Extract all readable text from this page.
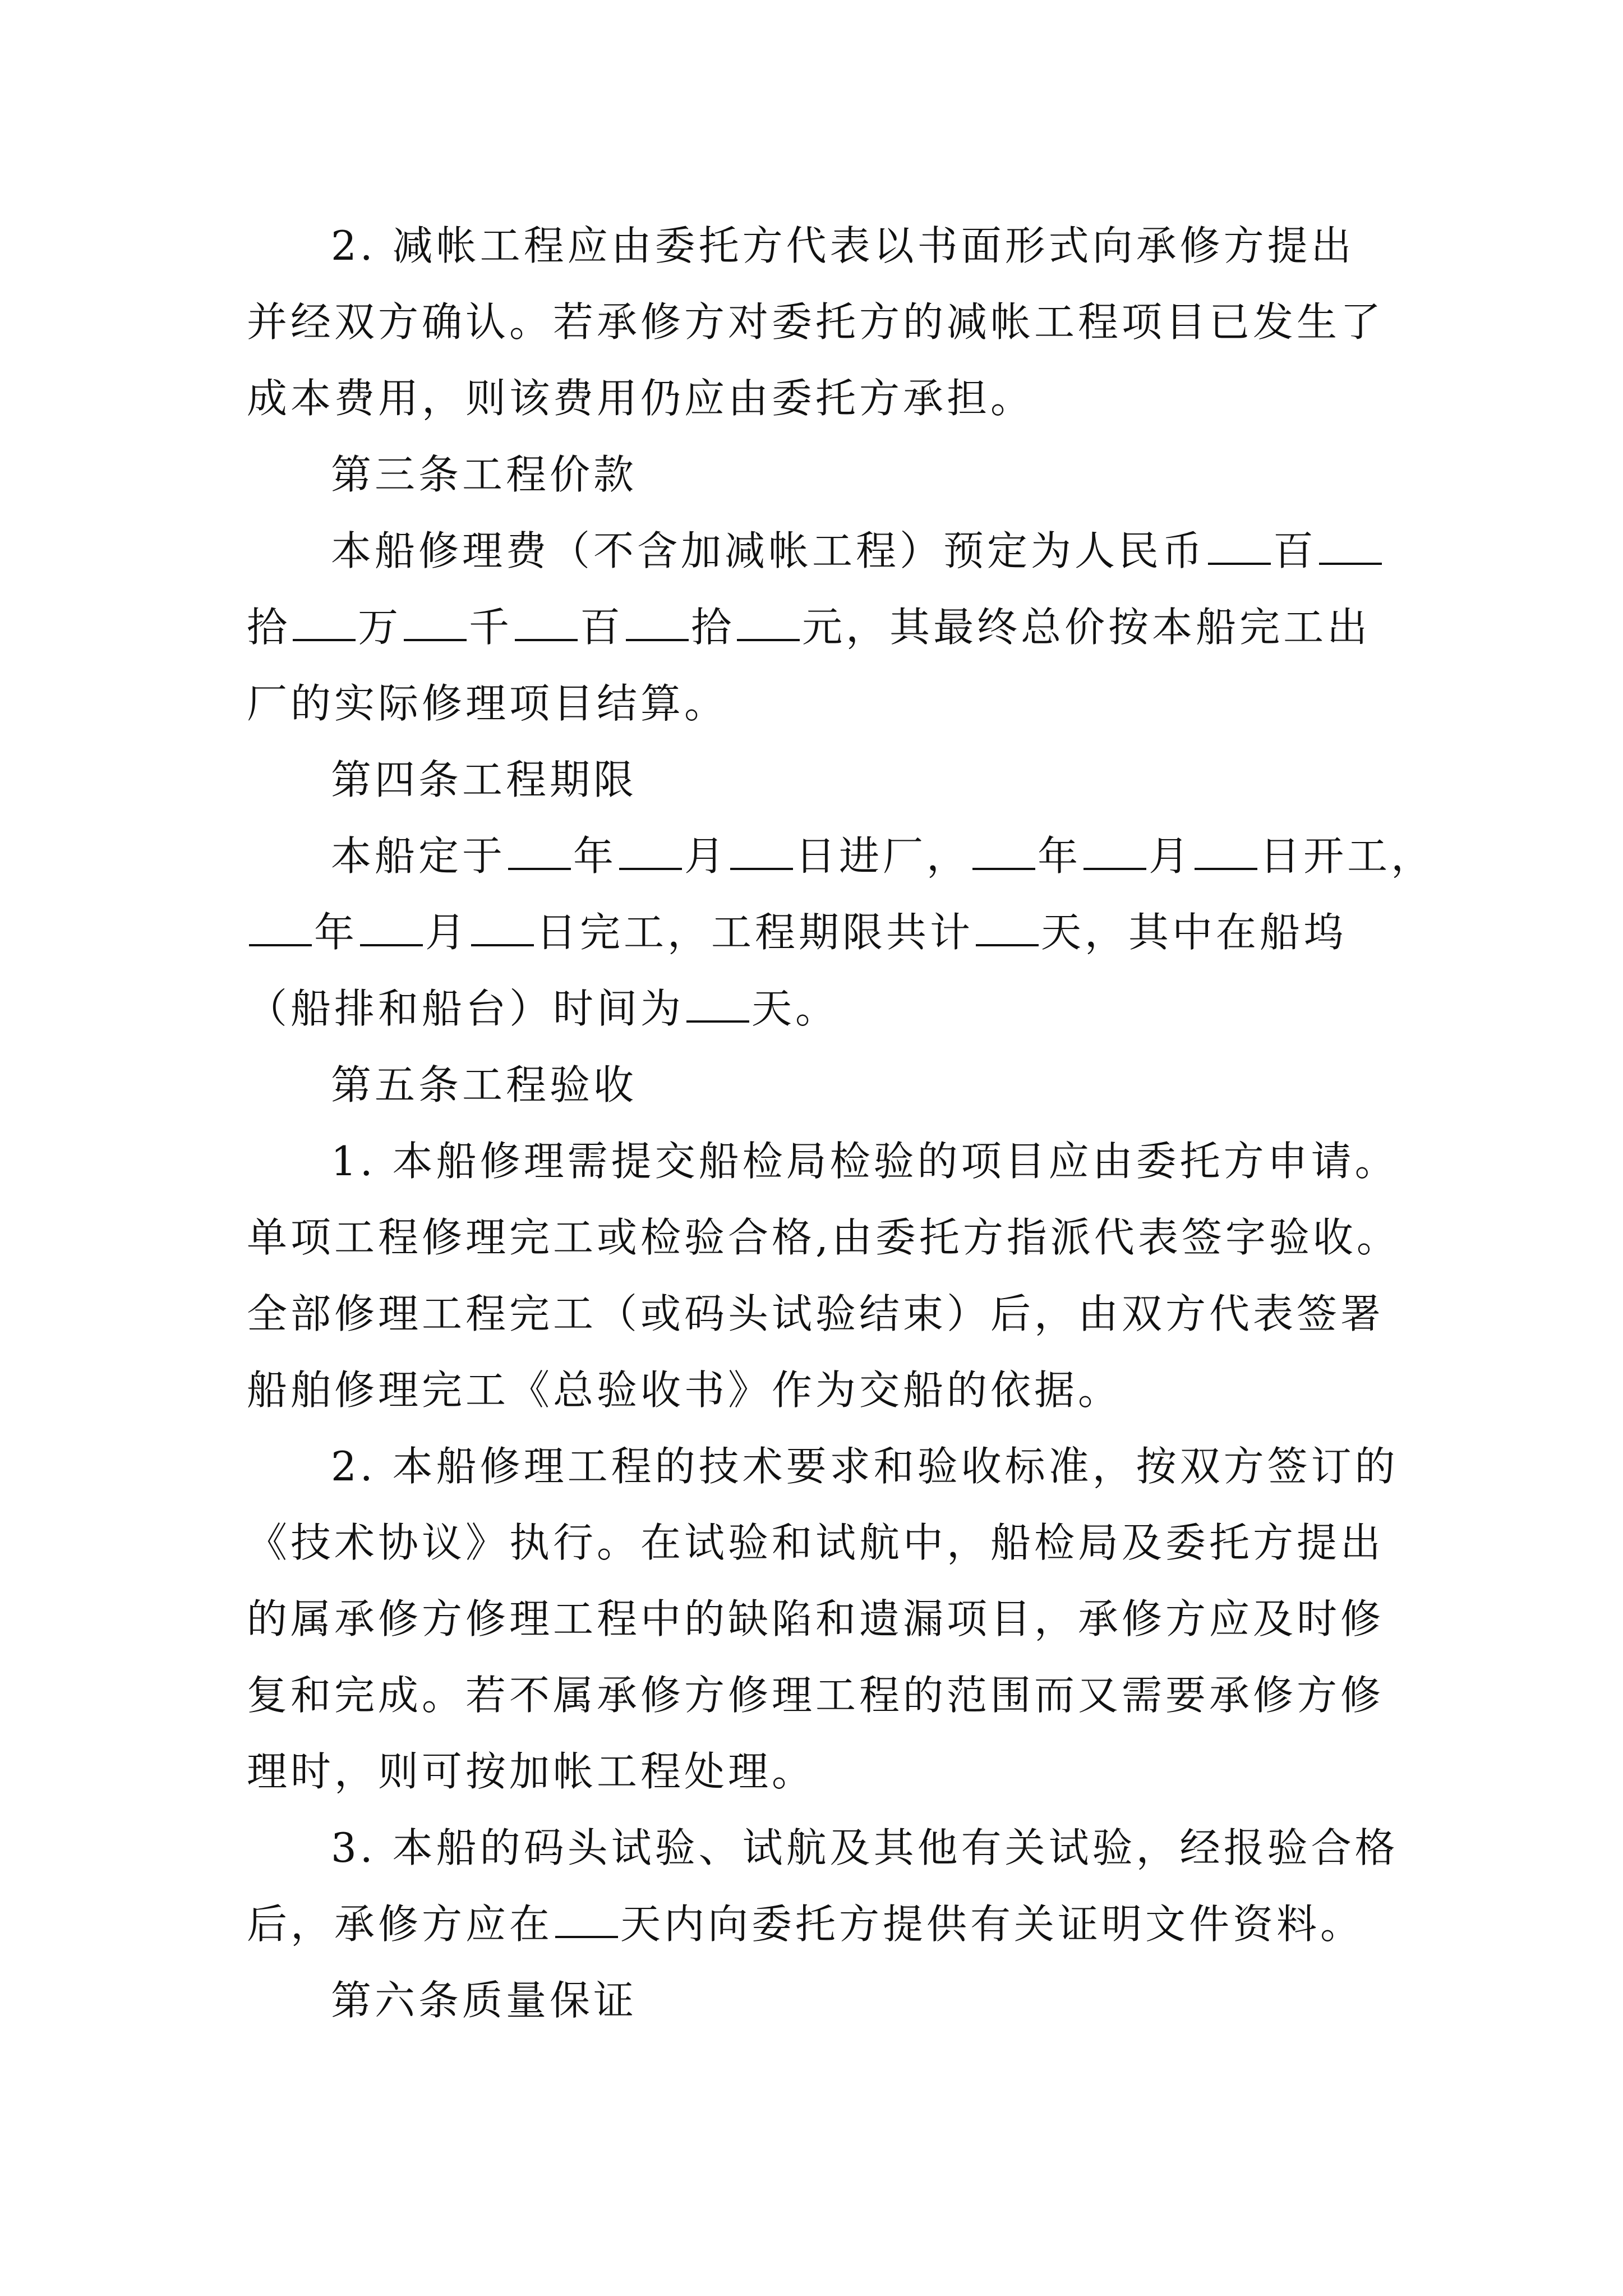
2. 减帐工程应由委托方代表以书面形式向承修方提出
并经双方确认。若承修方对委托方的减帐工程项目已发生了
成本费用，则该费用仍应由委托方承担。
第三条工程价款
本船修理费（不含加减帐工程）预定为人民币 百
拾 万 千 百 拾 元，其最终总价按本船完工出
厂的实际修理项目结算。
第四条工程期限
本船定于 年 月 日进厂， 年 月 日开工，
年 月 日完工，工程期限共计 天，其中在船坞
（船排和船台）时间为 天。
第五条工程验收
1. 本船修理需提交船检局检验的项目应由委托方申请。
单项工程修理完工或检验合格,由委托方指派代表签字验收。
全部修理工程完工（或码头试验结束）后，由双方代表签署
船舶修理完工《总验收书》作为交船的依据。
2. 本船修理工程的技术要求和验收标准，按双方签订的
《技术协议》执行。在试验和试航中，船检局及委托方提出
的属承修方修理工程中的缺陷和遗漏项目，承修方应及时修
复和完成。若不属承修方修理工程的范围而又需要承修方修
理时，则可按加帐工程处理。
3. 本船的码头试验、试航及其他有关试验，经报验合格
后，承修方应在 天内向委托方提供有关证明文件资料。
第六条质量保证
